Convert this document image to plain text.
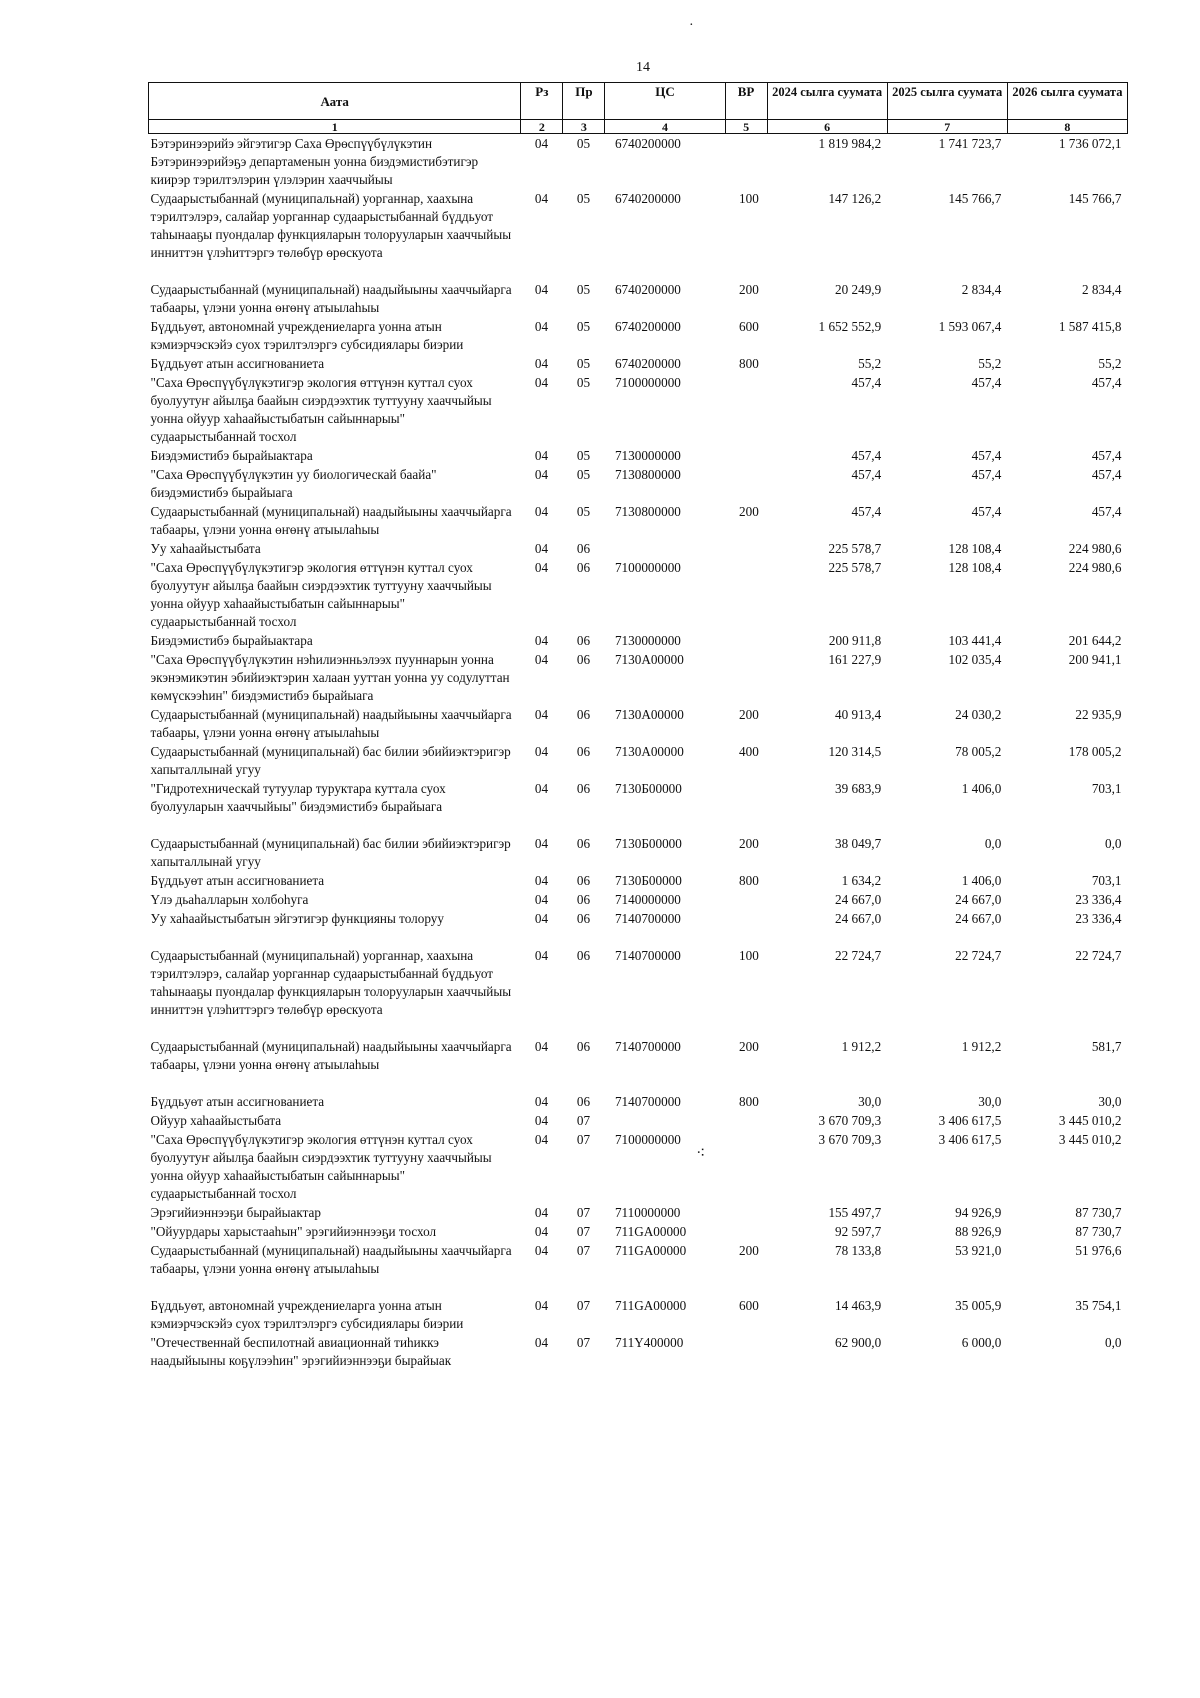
·
14
Аата	Рз	Пр	ЦС	ВР	2024 сылга суумата	2025 сылга суумата	2026 сылга суумата
1	2	3	4	5	6	7	8
Бэтэринээрийэ эйгэтигэр Саха Өрөспүүбүлүкэтин Бэтэринээрийэҕэ департаменын уонна биэдэмистибэтигэр киирэр тэрилтэлэрин үлэлэрин хааччыйыы	04	05	6740200000		1 819 984,2	1 741 723,7	1 736 072,1
Судаарыстыбаннай (муниципальнай) уорганнар, хаахына тэрилтэлэрэ, салайар уорганнар судаарыстыбаннай бүддьуот таһынааҕы пуондалар функцияларын толорууларын хааччыйыы инниттэн үлэһиттэргэ төлөбүр өрөскуота	04	05	6740200000	100	147 126,2	145 766,7	145 766,7
Судаарыстыбаннай (муниципальнай) наадыйыыны хааччыйарга табаары, үлэни уонна өҥөнү атыылаһыы	04	05	6740200000	200	20 249,9	2 834,4	2 834,4
Бүддьуөт, автономнай учреждениеларга уонна атын кэмиэрчэскэйэ суох тэрилтэлэргэ субсидиялары биэрии	04	05	6740200000	600	1 652 552,9	1 593 067,4	1 587 415,8
Бүддьуөт атын ассигнованиета	04	05	6740200000	800	55,2	55,2	55,2
"Саха Өрөспүүбүлүкэтигэр экология өттүнэн куттал суох буолуутуҥ айылҕа баайын сиэрдээхтик туттууну хааччыйыы уонна ойуур хаһаайыстыбатын сайыннарыы" судаарыстыбаннай тосхол	04	05	7100000000		457,4	457,4	457,4
Биэдэмистибэ бырайыактара	04	05	7130000000		457,4	457,4	457,4
"Саха Өрөспүүбүлүкэтин уу биологическай баайа" биэдэмистибэ бырайыага	04	05	7130800000		457,4	457,4	457,4
Судаарыстыбаннай (муниципальнай) наадыйыыны хааччыйарга табаары, үлэни уонна өҥөнү атыылаһыы	04	05	7130800000	200	457,4	457,4	457,4
Уу хаһаайыстыбата	04	06			225 578,7	128 108,4	224 980,6
"Саха Өрөспүүбүлүкэтигэр экология өттүнэн куттал суох буолуутуҥ айылҕа баайын сиэрдээхтик туттууну хааччыйыы уонна ойуур хаһаайыстыбатын сайыннарыы" судаарыстыбаннай тосхол	04	06	7100000000		225 578,7	128 108,4	224 980,6
Биэдэмистибэ бырайыактара	04	06	7130000000		200 911,8	103 441,4	201 644,2
"Саха Өрөспүүбүлүкэтин нэһилиэнньэлээх пууннарын уонна экэнэмикэтин эбийиэктэрин халаан ууттан уонна уу содулуттан көмүскээһин" биэдэмистибэ бырайыага	04	06	7130А00000		161 227,9	102 035,4	200 941,1
Судаарыстыбаннай (муниципальнай) наадыйыыны хааччыйарга табаары, үлэни уонна өҥөнү атыылаһыы	04	06	7130А00000	200	40 913,4	24 030,2	22 935,9
Судаарыстыбаннай (муниципальнай) бас билии эбийиэктэригэр хапыталлынай угуу	04	06	7130А00000	400	120 314,5	78 005,2	178 005,2
"Гидротехническай тутуулар туруктара куттала суох буолууларын хааччыйыы" биэдэмистибэ бырайыага	04	06	7130Б00000		39 683,9	1 406,0	703,1
Судаарыстыбаннай (муниципальнай) бас билии эбийиэктэригэр хапыталлынай угуу	04	06	7130Б00000	200	38 049,7	0,0	0,0
Бүддьуөт атын ассигнованиета	04	06	7130Б00000	800	1 634,2	1 406,0	703,1
Үлэ дьаһалларын холбоһуга	04	06	7140000000		24 667,0	24 667,0	23 336,4
Уу хаһаайыстыбатын эйгэтигэр функцияны толоруу	04	06	7140700000		24 667,0	24 667,0	23 336,4
Судаарыстыбаннай (муниципальнай) уорганнар, хаахына тэрилтэлэрэ, салайар уорганнар судаарыстыбаннай бүддьуот таһынааҕы пуондалар функцияларын толорууларын хааччыйыы инниттэн үлэһиттэргэ төлөбүр өрөскуота	04	06	7140700000	100	22 724,7	22 724,7	22 724,7
Судаарыстыбаннай (муниципальнай) наадыйыыны хааччыйарга табаары, үлэни уонна өҥөнү атыылаһыы	04	06	7140700000	200	1 912,2	1 912,2	581,7
Бүддьуөт атын ассигнованиета	04	06	7140700000	800	30,0	30,0	30,0
Ойуур хаһаайыстыбата	04	07			3 670 709,3	3 406 617,5	3 445 010,2
"Саха Өрөспүүбүлүкэтигэр экология өттүнэн куттал суох буолуутуҥ айылҕа баайын сиэрдээхтик туттууну хааччыйыы уонна ойуур хаһаайыстыбатын сайыннарыы" судаарыстыбаннай тосхол	04	07	7100000000		3 670 709,3	3 406 617,5	3 445 010,2
Эрэгийиэннээҕи бырайыактар	04	07	7110000000		155 497,7	94 926,9	87 730,7
"Ойуурдары харыстааһын" эрэгийиэннээҕи тосхол	04	07	711GA00000		92 597,7	88 926,9	87 730,7
Судаарыстыбаннай (муниципальнай) наадыйыыны хааччыйарга табаары, үлэни уонна өҥөнү атыылаһыы	04	07	711GA00000	200	78 133,8	53 921,0	51 976,6
Бүддьуөт, автономнай учреждениеларга уонна атын кэмиэрчэскэйэ суох тэрилтэлэргэ субсидиялары биэрии	04	07	711GA00000	600	14 463,9	35 005,9	35 754,1
"Отечественнай беспилотнай авиационнай тиһиккэ наадыйыыны коҕүлээһин" эрэгийиэннээҕи бырайыак	04	07	711Y400000		62 900,0	6 000,0	0,0
⁖
